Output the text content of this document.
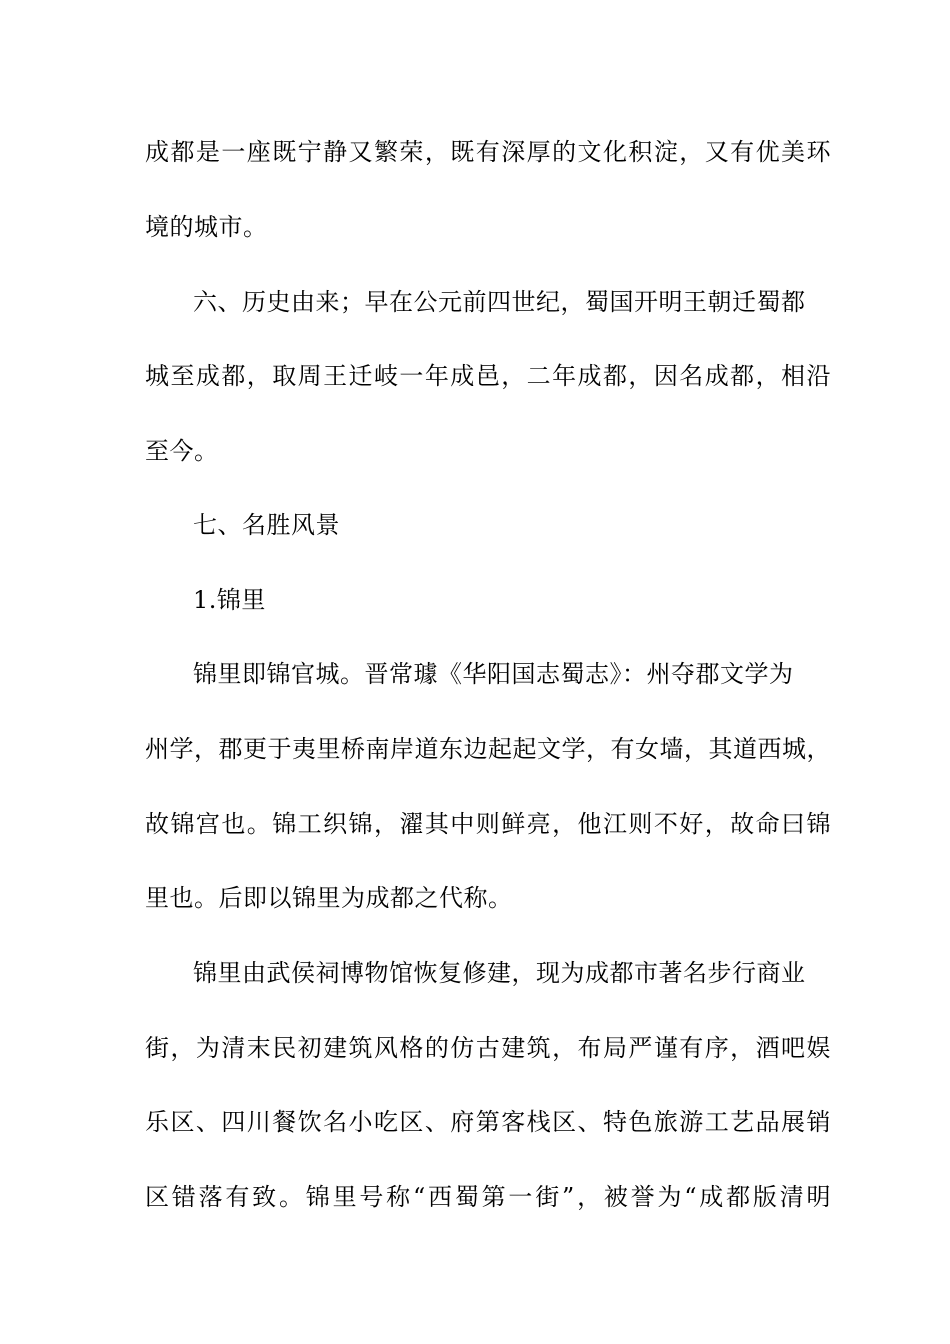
成都是一座既宁静又繁荣，既有深厚的文化积淀，又有优美环
境的城市。
六、历史由来；早在公元前四世纪，蜀国开明王朝迁蜀都
城至成都，取周王迁岐一年成邑，二年成都，因名成都，相沿
至今。
七、名胜风景
1.锦里
锦里即锦官城。晋常璩《华阳国志蜀志》：州夺郡文学为
州学，郡更于夷里桥南岸道东边起起文学，有女墙，其道西城，
故锦宫也。锦工织锦，濯其中则鲜亮，他江则不好，故命曰锦
里也。后即以锦里为成都之代称。
锦里由武侯祠博物馆恢复修建，现为成都市著名步行商业
街，为清末民初建筑风格的仿古建筑，布局严谨有序，酒吧娱
乐区、四川餐饮名小吃区、府第客栈区、特色旅游工艺品展销
区错落有致。锦里号称“西蜀第一街”，被誉为“成都版清明
